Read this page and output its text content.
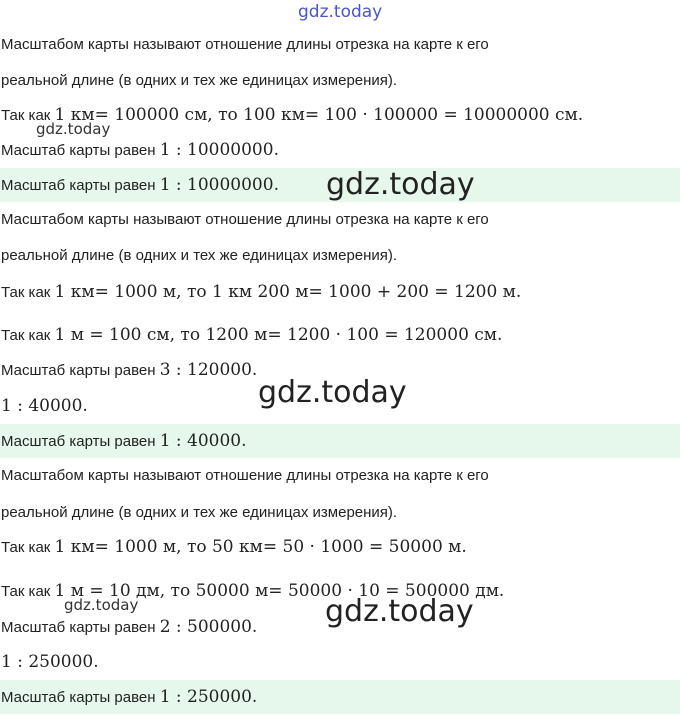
gdz.today
gdz.today
Масштабом карты называют отношение длины отрезка на карте к его
реальной длине (в одних и тех же единицах измерения).
Так как 1 км= 100000 см, то 100 км= 100 · 100000 = 10000000 см.
Масштаб карты равен 1 : 10000000.
Масштаб карты равен 1 : 10000000.	gdz.today
Масштабом карты называют отношение длины отрезка на карте к его
реальной длине (в одних и тех же единицах измерения).
Так как 1 км= 1000 м, то 1 км 200 м= 1000 + 200 = 1200 м.
Так как 1 м = 100 см, то 1200 м= 1200 · 100 = 120000 см.
Масштаб карты равен 3 : 120000.
gdz.today
1 : 40000.
Масштаб карты равен 1 : 40000.
Масштабом карты называют отношение длины отрезка на карте к его
реальной длине (в одних и тех же единицах измерения).
Так как 1 км= 1000 м, то 50 км= 50 · 1000 = 50000 м.
Так как 1 м = 10 дм, то 50000 м= 50000 · 10 = 500000 дм.
gdz.today	gdz.today
Масштаб карты равен 2 : 500000.
1 : 250000.
Масштаб карты равен 1 : 250000.
